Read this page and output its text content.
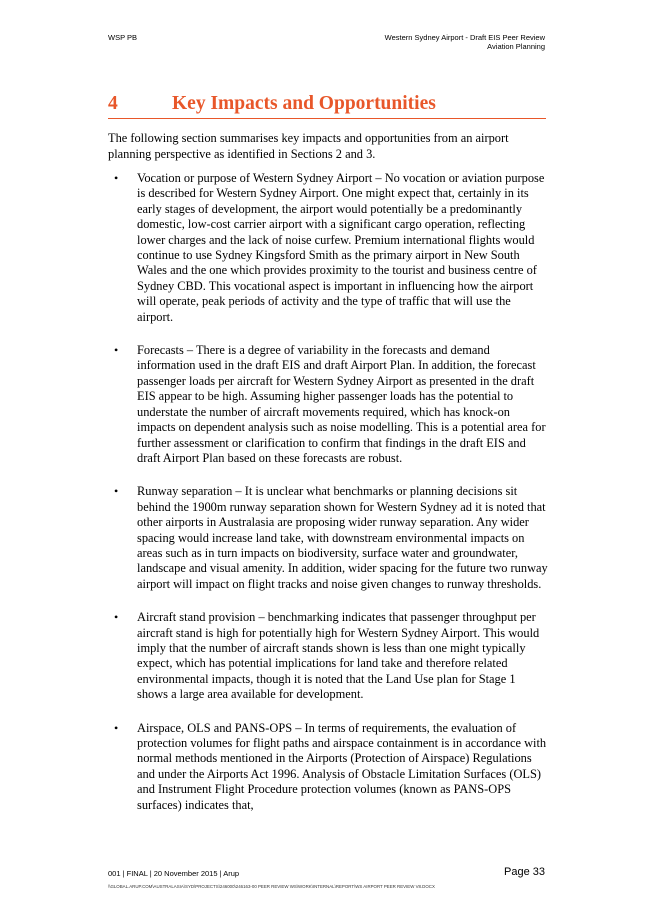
WSP PB	Western Sydney Airport - Draft EIS Peer Review
Aviation Planning
4	Key Impacts and Opportunities

The following section summarises key impacts and opportunities from an airport planning perspective as identified in Sections 2 and 3.

• Vocation or purpose of Western Sydney Airport – No vocation or aviation purpose is described for Western Sydney Airport. One might expect that, certainly in its early stages of development, the airport would potentially be a predominantly domestic, low-cost carrier airport with a significant cargo operation, reflecting lower charges and the lack of noise curfew. Premium international flights would continue to use Sydney Kingsford Smith as the primary airport in New South Wales and the one which provides proximity to the tourist and business centre of Sydney CBD. This vocational aspect is important in influencing how the airport will operate, peak periods of activity and the type of traffic that will use the airport.
• Forecasts – There is a degree of variability in the forecasts and demand information used in the draft EIS and draft Airport Plan. In addition, the forecast passenger loads per aircraft for Western Sydney Airport as presented in the draft EIS appear to be high. Assuming higher passenger loads has the potential to understate the number of aircraft movements required, which has knock-on impacts on dependent analysis such as noise modelling. This is a potential area for further assessment or clarification to confirm that findings in the draft EIS and draft Airport Plan based on these forecasts are robust.
• Runway separation – It is unclear what benchmarks or planning decisions sit behind the 1900m runway separation shown for Western Sydney ad it is noted that other airports in Australasia are proposing wider runway separation. Any wider spacing would increase land take, with downstream environmental impacts on areas such as in turn impacts on biodiversity, surface water and groundwater, landscape and visual amenity. In addition, wider spacing for the future two runway airport will impact on flight tracks and noise given changes to runway thresholds.
• Aircraft stand provision – benchmarking indicates that passenger throughput per aircraft stand is high for potentially high for Western Sydney Airport. This would imply that the number of aircraft stands shown is less than one might typically expect, which has potential implications for land take and therefore related environmental impacts, though it is noted that the Land Use plan for Stage 1 shows a large area available for development.
• Airspace, OLS and PANS-OPS – In terms of requirements, the evaluation of protection volumes for flight paths and airspace containment is in accordance with normal methods mentioned in the Airports (Protection of Airspace) Regulations and under the Airports Act 1996. Analysis of Obstacle Limitation Surfaces (OLS) and Instrument Flight Procedure protection volumes (known as PANS-OPS surfaces) indicates that,
001 | FINAL | 20 November 2015 | Arup	Page 33
\\GLOBAL.ARUP.COM\AUSTRALASIA\SYD\PROJECTS\246000\246163-00 PEER REVIEW WS\WORK\INTERNAL\REPORT\WS AIRPORT PEER REVIEW V8.DOCX
